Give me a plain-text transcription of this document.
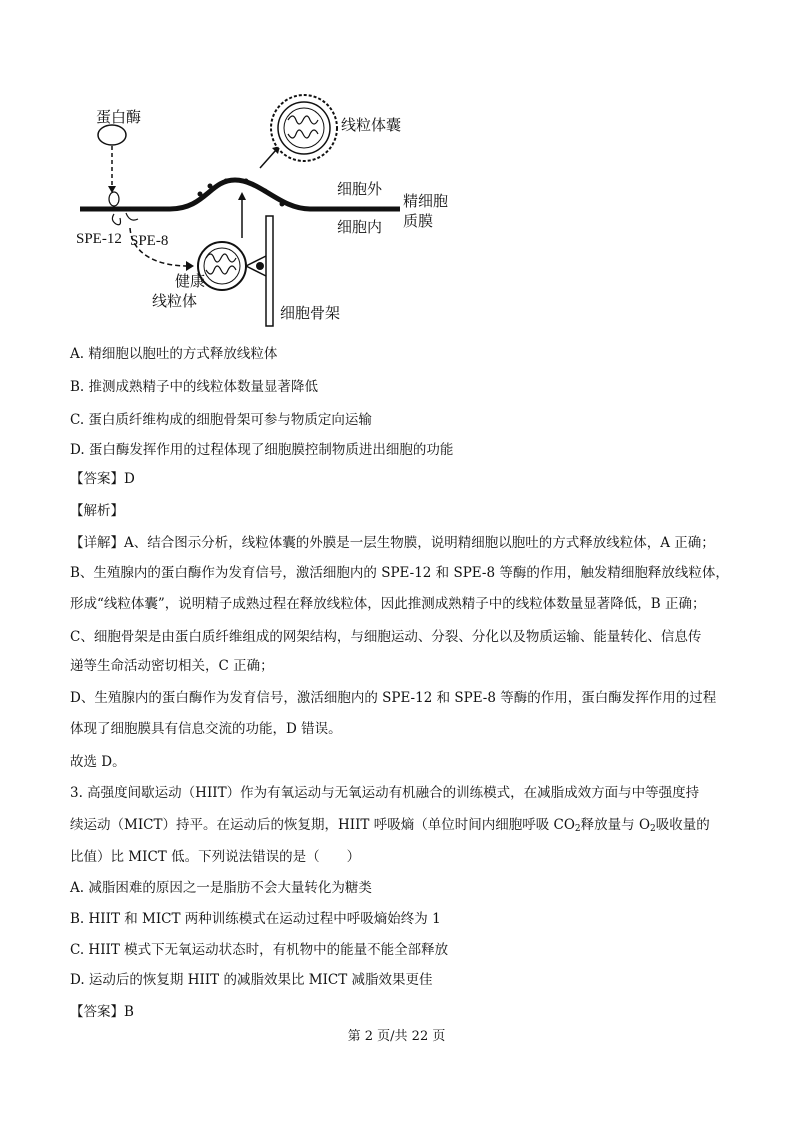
蛋白酶	线粒体囊
细胞外
精细胞
质膜
细胞内
SPE-12 SPE-8
健康
线粒体
细胞骨架
A. 精细胞以胞吐的方式释放线粒体
B. 推测成熟精子中的线粒体数量显著降低
C. 蛋白质纤维构成的细胞骨架可参与物质定向运输
D. 蛋白酶发挥作用的过程体现了细胞膜控制物质进出细胞的功能
【答案】D
【解析】
【详解】A、结合图示分析，线粒体囊的外膜是一层生物膜，说明精细胞以胞吐的方式释放线粒体，A 正确；
B、生殖腺内的蛋白酶作为发育信号，激活细胞内的 SPE-12 和 SPE-8 等酶的作用，触发精细胞释放线粒体，
形成“线粒体囊”，说明精子成熟过程在释放线粒体，因此推测成熟精子中的线粒体数量显著降低，B 正确；
C、细胞骨架是由蛋白质纤维组成的网架结构，与细胞运动、分裂、分化以及物质运输、能量转化、信息传
递等生命活动密切相关，C 正确；
D、生殖腺内的蛋白酶作为发育信号，激活细胞内的 SPE-12 和 SPE-8 等酶的作用，蛋白酶发挥作用的过程
体现了细胞膜具有信息交流的功能，D 错误。
故选 D。
3. 高强度间歇运动（HIIT）作为有氧运动与无氧运动有机融合的训练模式，在减脂成效方面与中等强度持
续运动（MICT）持平。在运动后的恢复期，HIIT 呼吸熵（单位时间内细胞呼吸 $CO_2$释放量与 $O_2$吸收量的
比值）比 MICT 低。下列说法错误的是（　　）
A. 减脂困难的原因之一是脂肪不会大量转化为糖类
B. HIIT 和 MICT 两种训练模式在运动过程中呼吸熵始终为 1
C. HIIT 模式下无氧运动状态时，有机物中的能量不能全部释放
D. 运动后的恢复期 HIIT 的减脂效果比 MICT 减脂效果更佳
【答案】B
第 2 页/共 22 页
